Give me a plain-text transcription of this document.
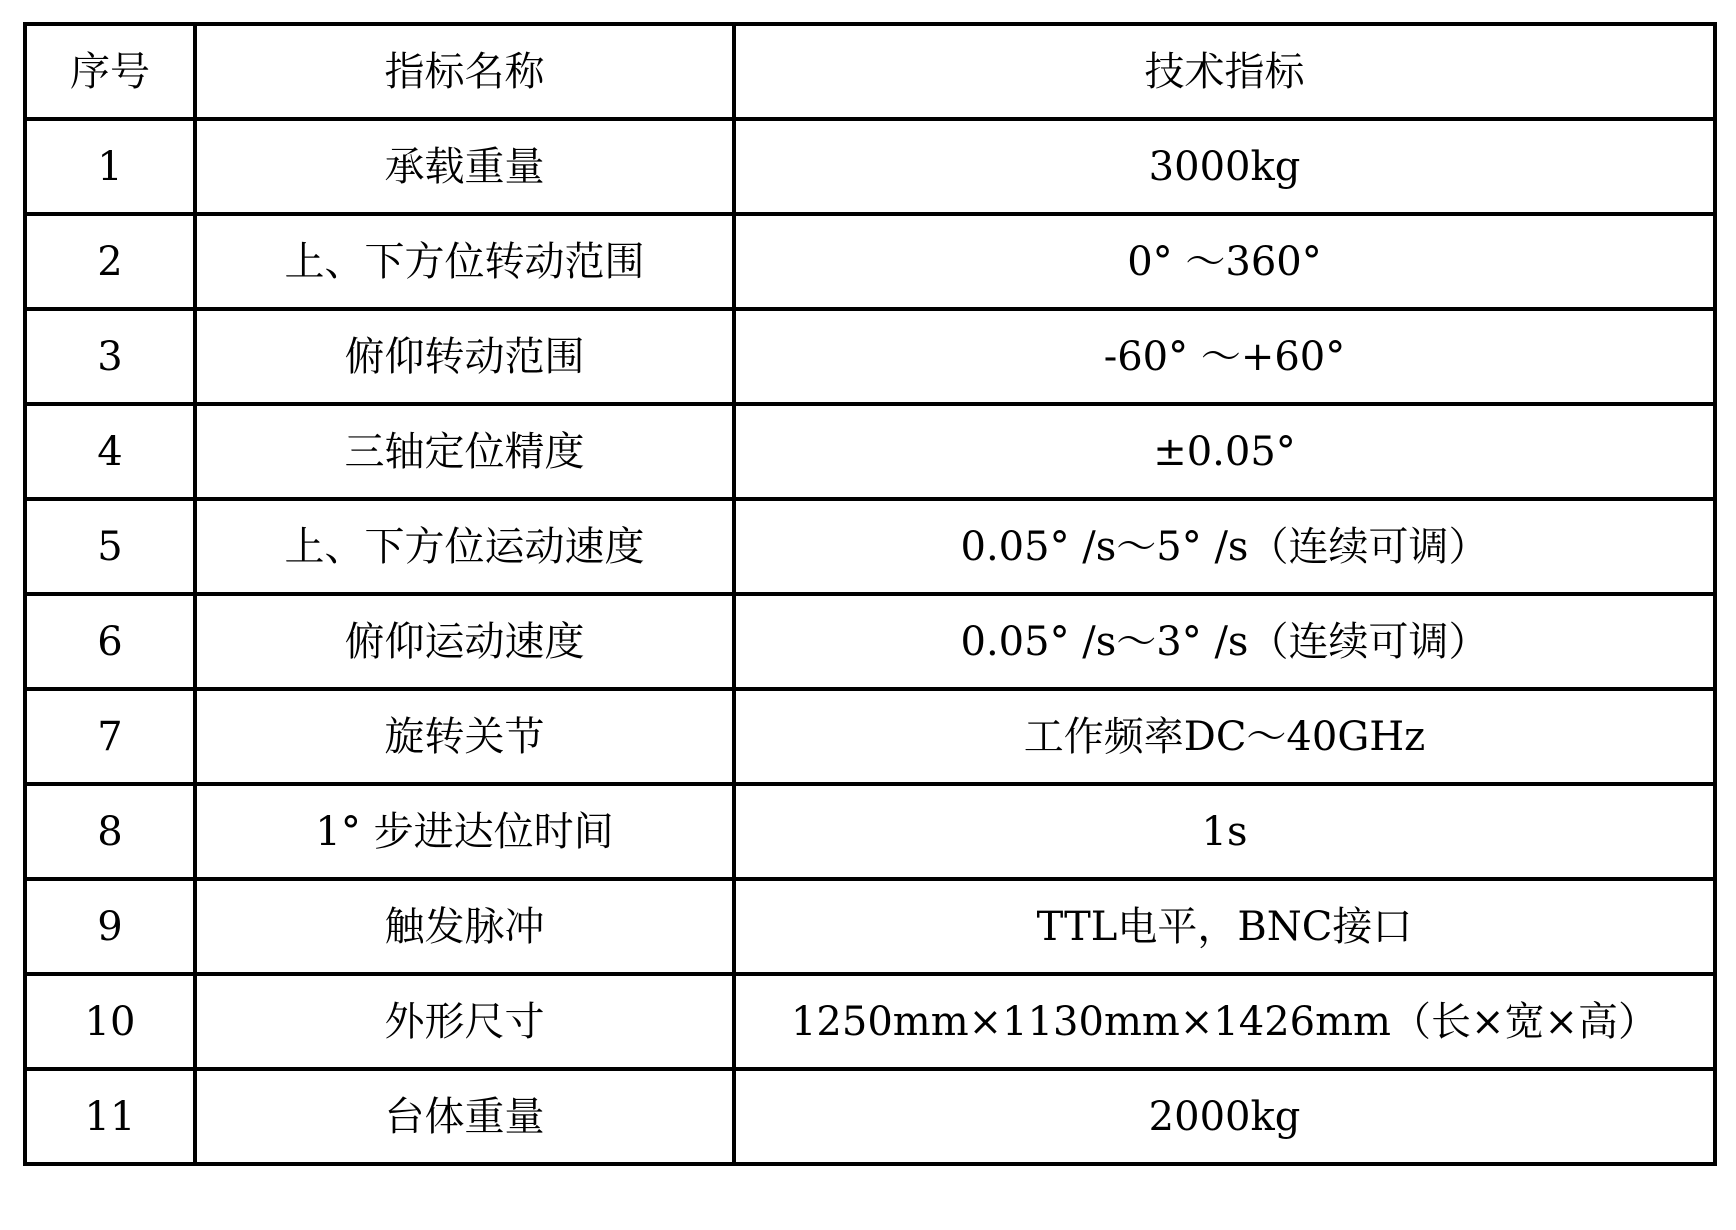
序号	指标名称	技术指标
1	承载重量	3000kg
2	上、下方位转动范围	0° ～360°
3	俯仰转动范围	-60° ～+60°
4	三轴定位精度	±0.05°
5	上、下方位运动速度	0.05° /s～5° /s（连续可调）
6	俯仰运动速度	0.05° /s～3° /s（连续可调）
7	旋转关节	工作频率DC～40GHz
8	1° 步进达位时间	1s
9	触发脉冲	TTL电平，BNC接口
10	外形尺寸	1250mm×1130mm×1426mm（长×宽×高）
11	台体重量	2000kg
